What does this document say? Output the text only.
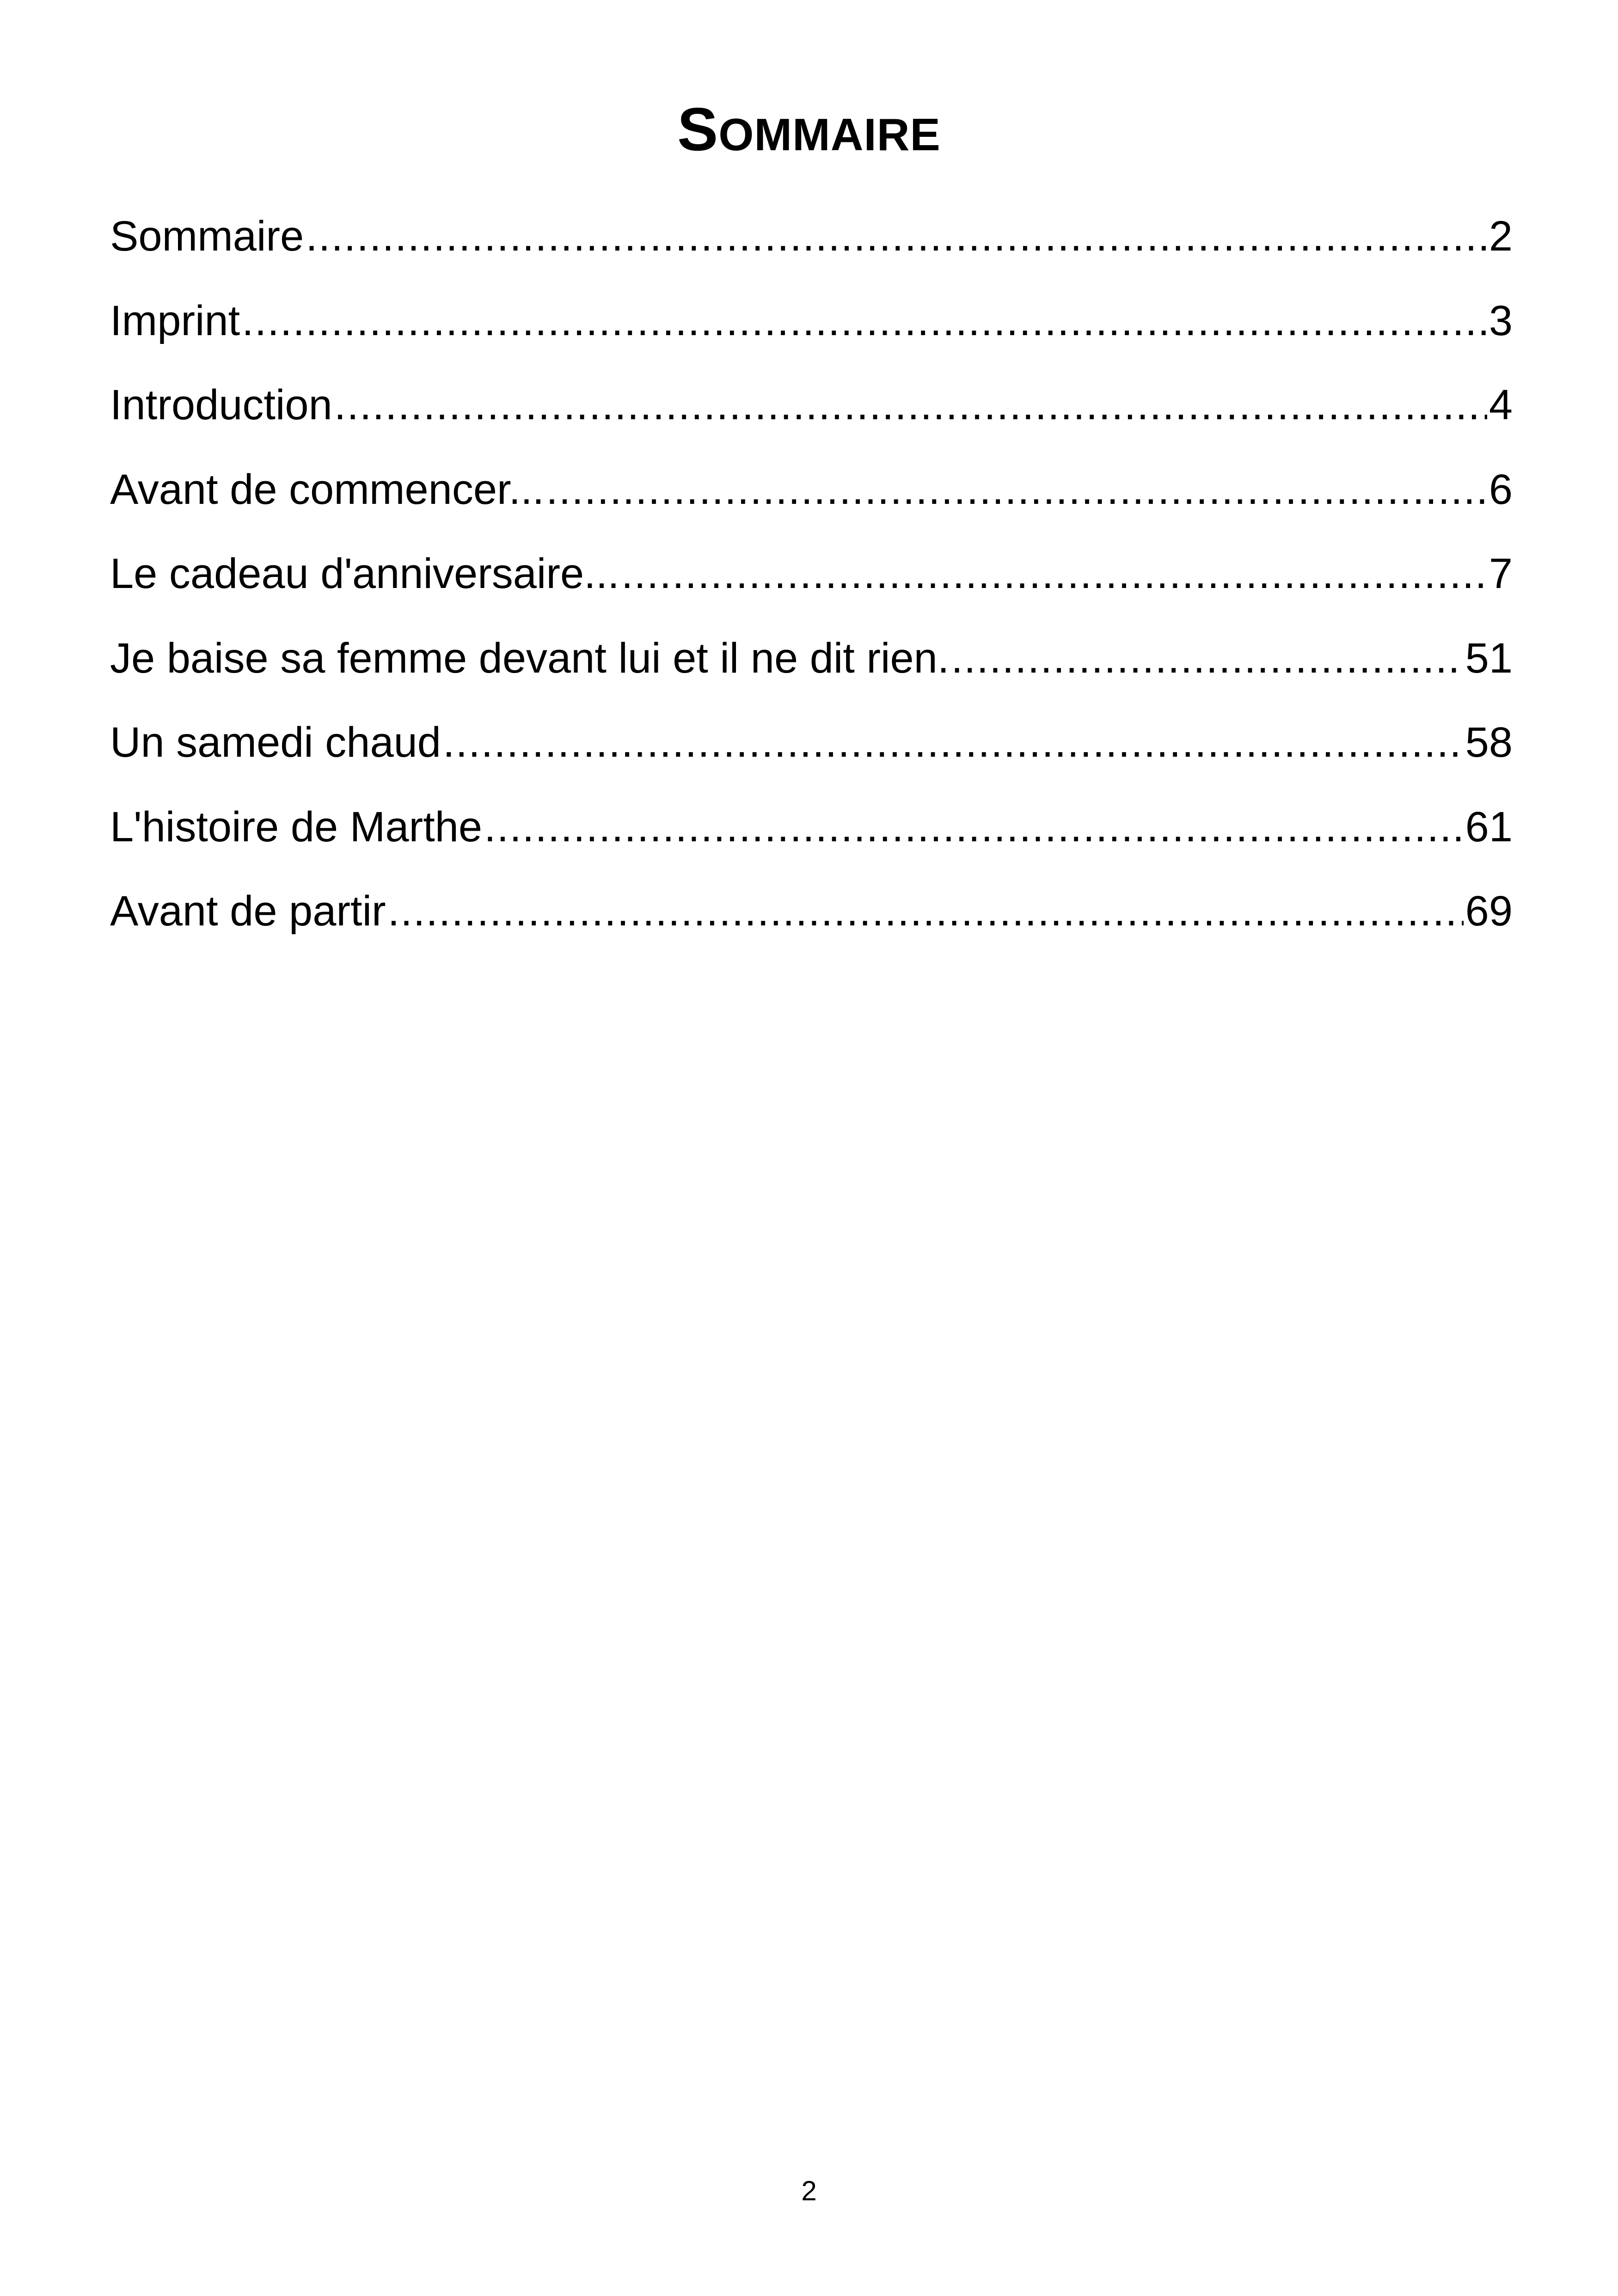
SOMMAIRE
Sommaire .....	2
Imprint .....	3
Introduction .....	4
Avant de commencer... .....	6
Le cadeau d'anniversaire... .....	7
Je baise sa femme devant lui et il ne dit rien. .....	51
Un samedi chaud .....	58
L'histoire de Marthe .....	61
Avant de partir .....	69
2
